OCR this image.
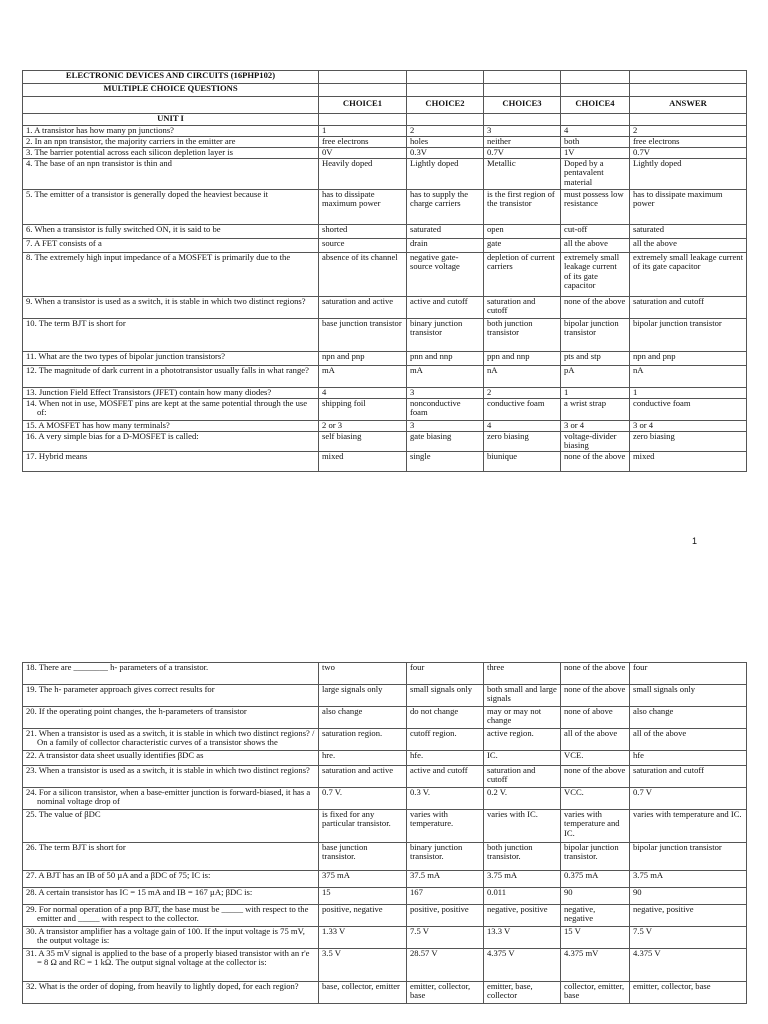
ELECTRONIC DEVICES AND CIRCUITS (16PHP102)					
MULTIPLE CHOICE QUESTIONS					
	CHOICE1	CHOICE2	CHOICE3	CHOICE4	ANSWER
UNIT I					
1. A transistor has how many pn junctions?	1	2	3	4	2
2. In an npn transistor, the majority carriers in the emitter are	free electrons	holes	neither	both	free electrons
3. The barrier potential across each silicon depletion layer is	0V	0.3V	0.7V	1V	0.7V
4. The base of an npn transistor is thin and	Heavily doped	Lightly doped	Metallic	Doped by a pentavalent material	Lightly doped
5. The emitter of a transistor is generally doped the heaviest because it	has to dissipate maximum power	has to supply the charge carriers	is the first region of the transistor	must possess low resistance	has to dissipate maximum power
6. When a transistor is fully switched ON, it is said to be	shorted	saturated	open	cut-off	saturated
7. A FET consists of a	source	drain	gate	all the above	all the above
8. The extremely high input impedance of a MOSFET is primarily due to the	absence of its channel	negative gate-source voltage	depletion of current carriers	extremely small leakage current of its gate capacitor	extremely small leakage current of its gate capacitor
9. When a transistor is used as a switch, it is stable in which two distinct regions?	saturation and active	active and cutoff	saturation and cutoff	none of the above	saturation and cutoff
10. The term BJT is short for	base junction transistor	binary junction transistor	both junction transistor	bipolar junction transistor	bipolar junction transistor
11. What are the two types of bipolar junction transistors?	npn and pnp	pnn and nnp	ppn and nnp	pts and stp	npn and pnp
12. The magnitude of dark current in a phototransistor usually falls in what range?	mA	mA	nA	pA	nA
13. Junction Field Effect Transistors (JFET) contain how many diodes?	4	3	2	1	1
14. When not in use, MOSFET pins are kept at the same potential through the use of:	shipping foil	nonconductive foam	conductive foam	a wrist strap	conductive foam
15. A MOSFET has how many terminals?	2 or 3	3	4	3 or 4	3 or 4
16. A very simple bias for a D-MOSFET is called:	self biasing	gate biasing	zero biasing	voltage-divider biasing	zero biasing
17. Hybrid means	mixed	single	biunique	none of the above	mixed
1
18. There are ________ h- parameters of a transistor.	two	four	three	none of the above	four
19. The h- parameter approach gives correct results for	large signals only	small signals only	both small and large signals	none of the above	small signals only
20. If the operating point changes, the h-parameters of transistor	also change	do not change	may or may not change	none of above	also change
21. When a transistor is used as a switch, it is stable in which two distinct regions? / On a family of collector characteristic curves of a transistor shows the	saturation region.	cutoff region.	active region.	all of the above	all of the above
22. A transistor data sheet usually identifies βDC as	hre.	hfe.	IC.	VCE.	hfe
23. When a transistor is used as a switch, it is stable in which two distinct regions?	saturation and active	active and cutoff	saturation and cutoff	none of the above	saturation and cutoff
24. For a silicon transistor, when a base-emitter junction is forward-biased, it has a nominal voltage drop of	0.7 V.	0.3 V.	0.2 V.	VCC.	0.7 V
25. The value of βDC	is fixed for any particular transistor.	varies with temperature.	varies with IC.	varies with temperature and IC.	varies with temperature and IC.
26. The term BJT is short for	base junction transistor.	binary junction transistor.	both junction transistor.	bipolar junction transistor.	bipolar junction transistor
27. A BJT has an IB of 50 µA and a βDC of 75; IC is:	375 mA	37.5 mA	3.75 mA	0.375 mA	3.75 mA
28. A certain transistor has IC = 15 mA and IB = 167 µA; βDC is:	15	167	0.011	90	90
29. For normal operation of a pnp BJT, the base must be _____ with respect to the emitter and _____ with respect to the collector.	positive, negative	positive, positive	negative, positive	negative, negative	negative, positive
30. A transistor amplifier has a voltage gain of 100. If the input voltage is 75 mV, the output voltage is:	1.33 V	7.5 V	13.3 V	15 V	7.5 V
31. A 35 mV signal is applied to the base of a properly biased transistor with an r'e = 8 Ω and RC = 1 kΩ. The output signal voltage at the collector is:	3.5 V	28.57 V	4.375 V	4.375 mV	4.375 V
32. What is the order of doping, from heavily to lightly doped, for each region?	base, collector, emitter	emitter, collector, base	emitter, base, collector	collector, emitter, base	emitter, collector, base
